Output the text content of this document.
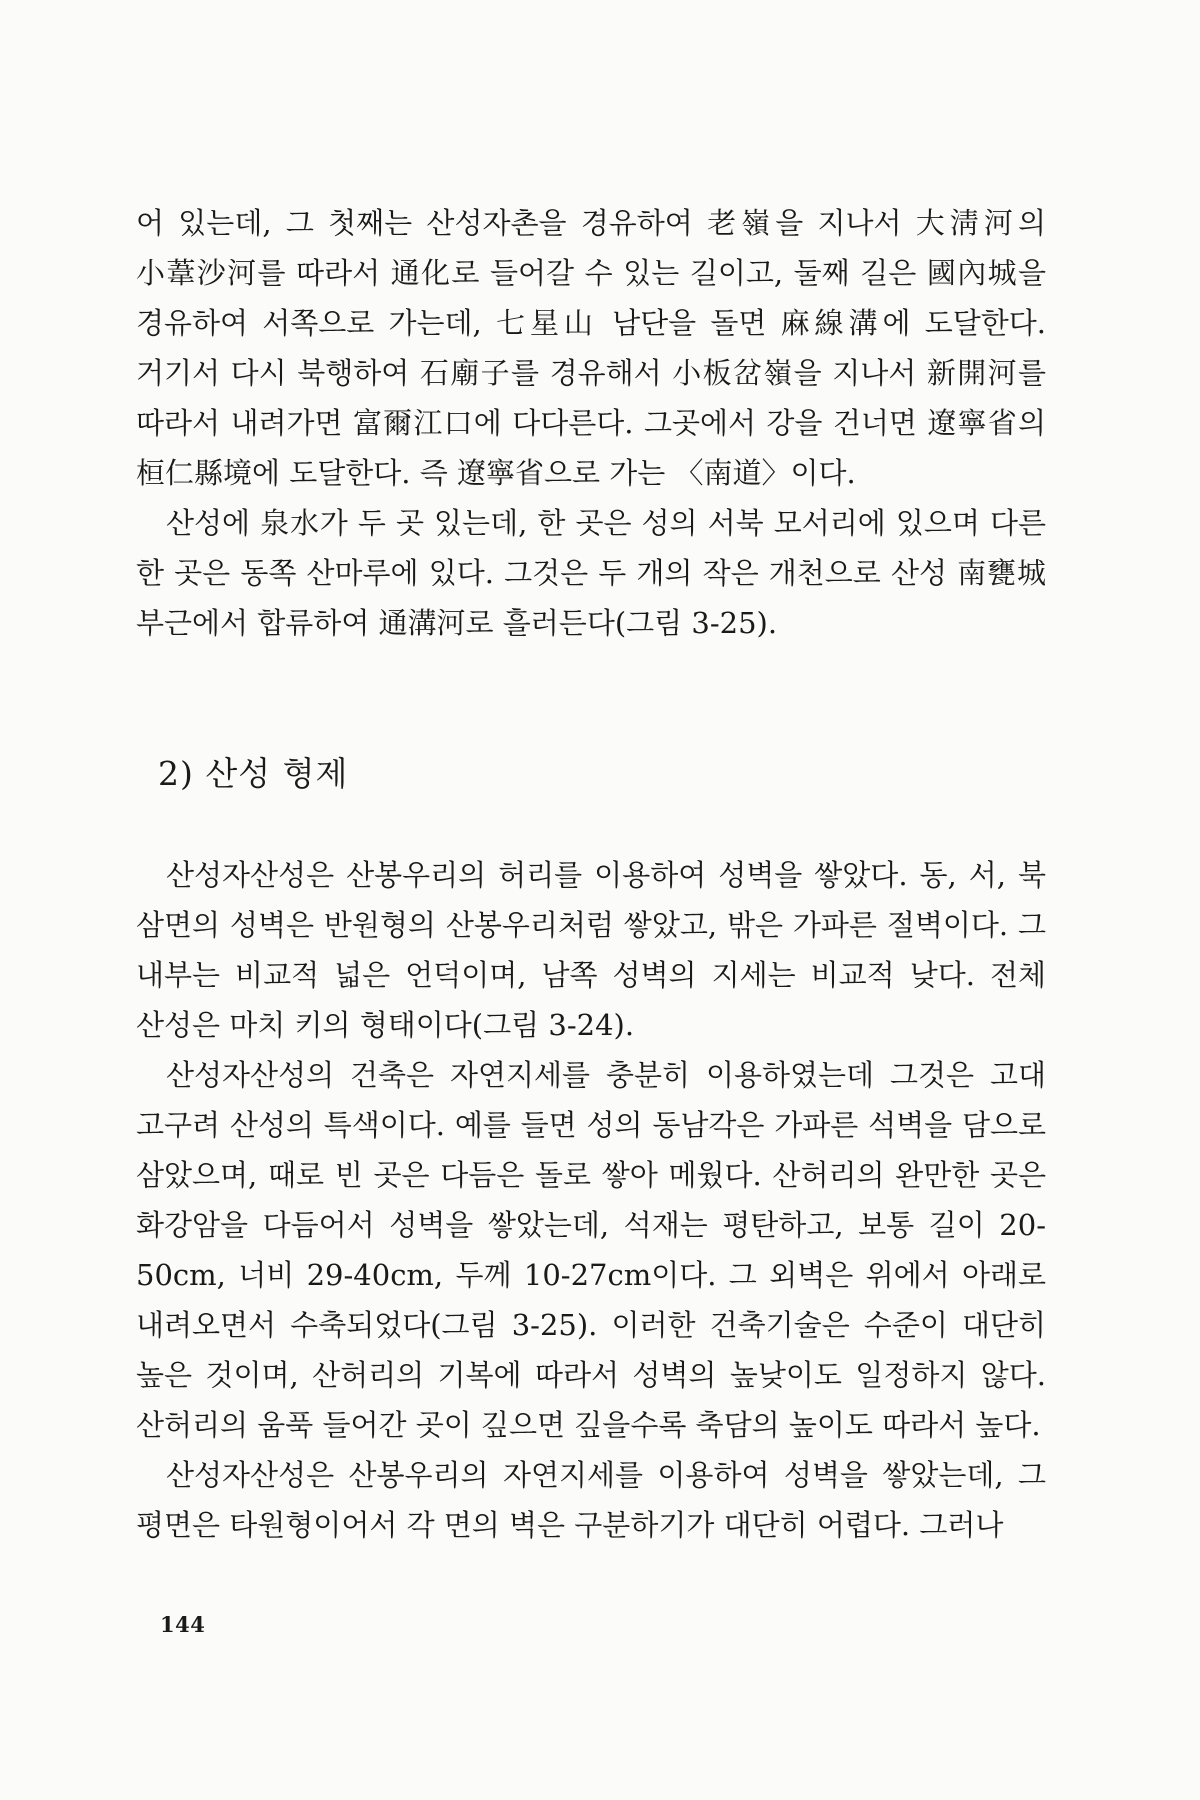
어 있는데, 그 첫째는 산성자촌을 경유하여 老嶺을 지나서 大淸河의 小葦沙河를 따라서 通化로 들어갈 수 있는 길이고, 둘째 길은 國內城을 경유하여 서쪽으로 가는데, 七星山 남단을 돌면 麻線溝에 도달한다. 거기서 다시 북행하여 石廟子를 경유해서 小板岔嶺을 지나서 新開河를 따라서 내려가면 富爾江口에 다다른다. 그곳에서 강을 건너면 遼寧省의 桓仁縣境에 도달한다. 즉 遼寧省으로 가는 〈南道〉이다.

산성에 泉水가 두 곳 있는데, 한 곳은 성의 서북 모서리에 있으며 다른 한 곳은 동쪽 산마루에 있다. 그것은 두 개의 작은 개천으로 산성 南甕城 부근에서 합류하여 通溝河로 흘러든다(그림 3-25).

2) 산성 형제

산성자산성은 산봉우리의 허리를 이용하여 성벽을 쌓았다. 동, 서, 북 삼면의 성벽은 반원형의 산봉우리처럼 쌓았고, 밖은 가파른 절벽이다. 그 내부는 비교적 넓은 언덕이며, 남쪽 성벽의 지세는 비교적 낮다. 전체 산성은 마치 키의 형태이다(그림 3-24).

산성자산성의 건축은 자연지세를 충분히 이용하였는데 그것은 고대 고구려 산성의 특색이다. 예를 들면 성의 동남각은 가파른 석벽을 담으로 삼았으며, 때로 빈 곳은 다듬은 돌로 쌓아 메웠다. 산허리의 완만한 곳은 화강암을 다듬어서 성벽을 쌓았는데, 석재는 평탄하고, 보통 길이 20-50cm, 너비 29-40cm, 두께 10-27cm이다. 그 외벽은 위에서 아래로 내려오면서 수축되었다(그림 3-25). 이러한 건축기술은 수준이 대단히 높은 것이며, 산허리의 기복에 따라서 성벽의 높낮이도 일정하지 않다. 산허리의 움푹 들어간 곳이 깊으면 깊을수록 축담의 높이도 따라서 높다.

산성자산성은 산봉우리의 자연지세를 이용하여 성벽을 쌓았는데, 그 평면은 타원형이어서 각 면의 벽은 구분하기가 대단히 어렵다. 그러나

144
